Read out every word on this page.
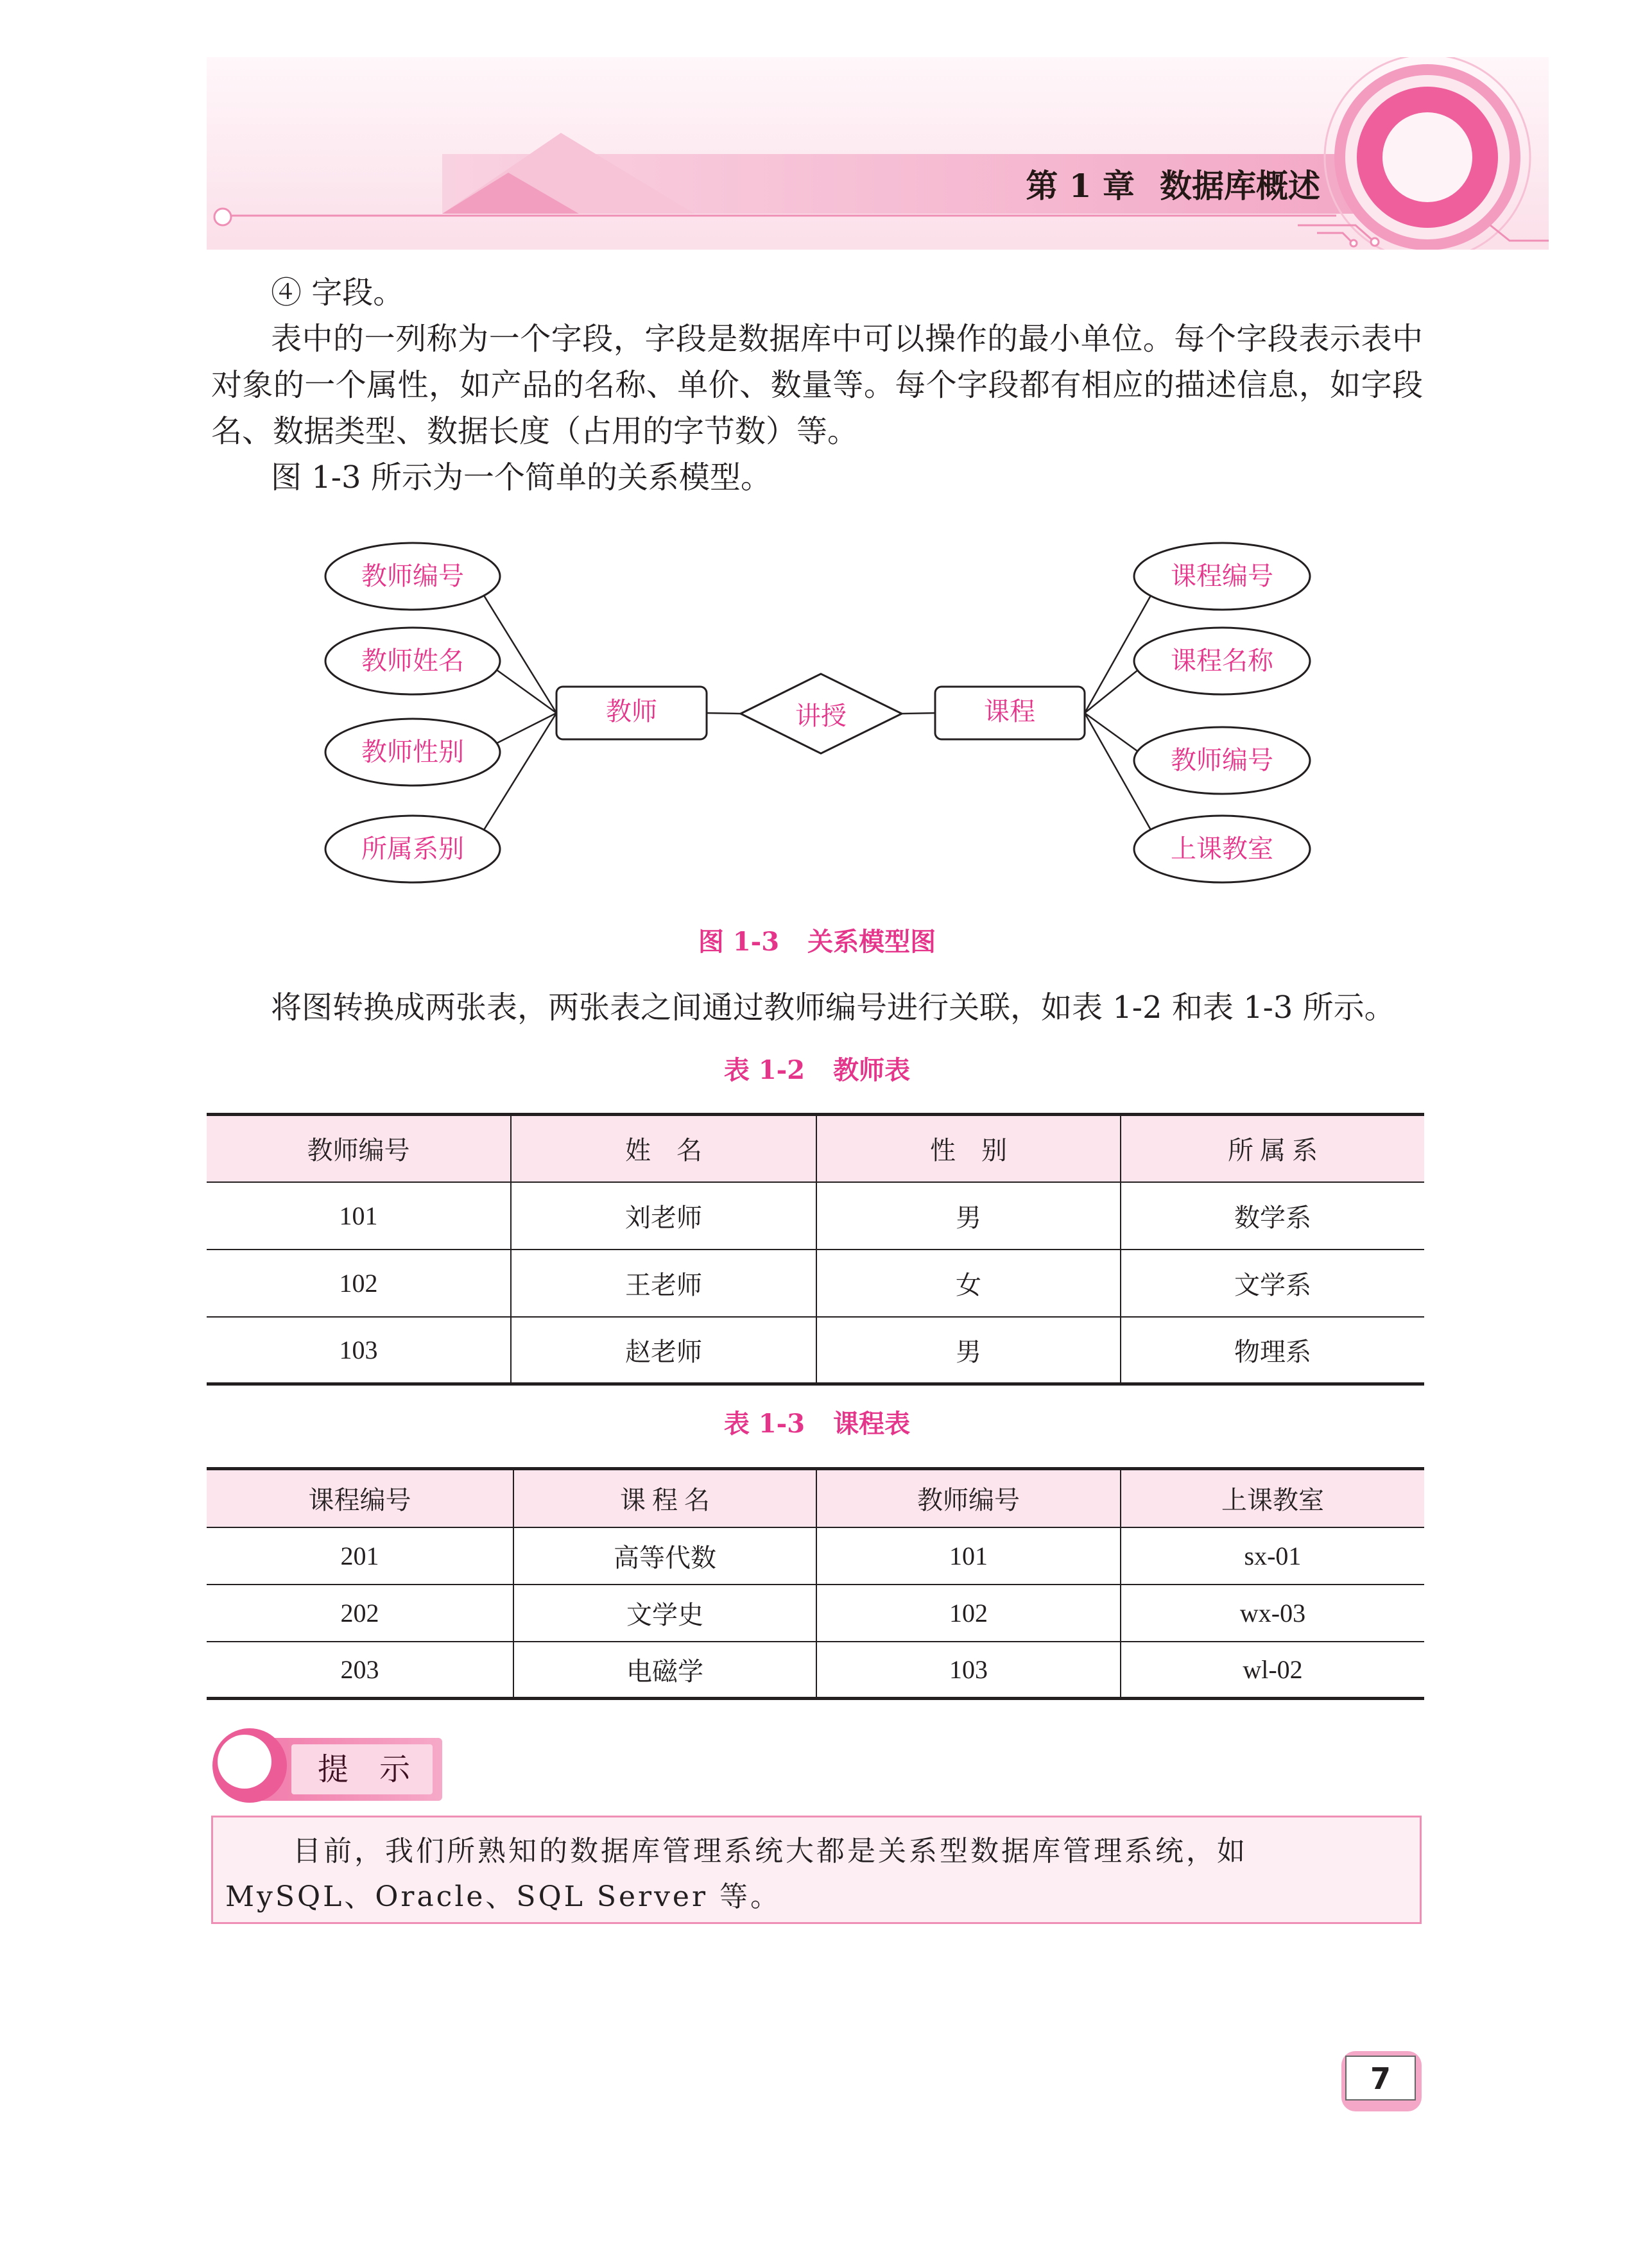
第 1 章 数据库概述
④ 字段。
表中的一列称为一个字段，字段是数据库中可以操作的最小单位。每个字段表示表中对象的一个属性，如产品的名称、单价、数量等。每个字段都有相应的描述信息，如字段名、数据类型、数据长度（占用的字节数）等。
图 1-3 所示为一个简单的关系模型。
教师编号
教师姓名
教师性别
所属系别
课程编号
课程名称
教师编号
上课教室
教师	讲授	课程
图 1-3 关系模型图
将图转换成两张表，两张表之间通过教师编号进行关联，如表 1-2 和表 1-3 所示。
表 1-2 教师表
教师编号	姓　名	性　别	所 属 系
101	刘老师	男	数学系
102	王老师	女	文学系
103	赵老师	男	物理系
表 1-3 课程表
课程编号	课 程 名	教师编号	上课教室
201	高等代数	101	sx-01
202	文学史	102	wx-03
203	电磁学	103	wl-02
提　示
目前，我们所熟知的数据库管理系统大都是关系型数据库管理系统，如 MySQL、Oracle、SQL Server 等。
7
